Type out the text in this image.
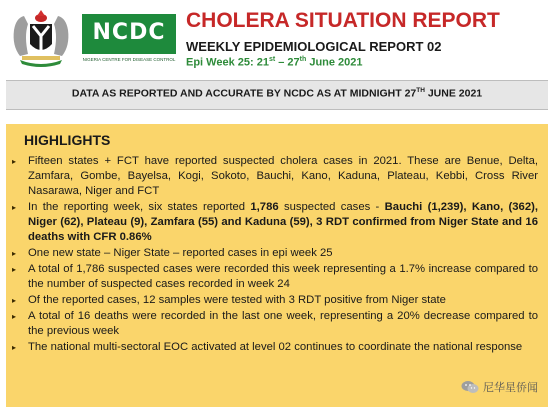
NCDC
NIGERIA CENTRE FOR DISEASE CONTROL
CHOLERA SITUATION REPORT
WEEKLY EPIDEMIOLOGICAL REPORT 02
Epi Week 25: 21st – 27th June 2021
DATA AS REPORTED AND ACCURATE BY NCDC AS AT MIDNIGHT 27TH JUNE 2021
HIGHLIGHTS
▸ Fifteen states + FCT have reported suspected cholera cases in 2021. These are Benue, Delta, Zamfara, Gombe, Bayelsa, Kogi, Sokoto, Bauchi, Kano, Kaduna, Plateau, Kebbi, Cross River Nasarawa, Niger and FCT
▸ In the reporting week, six states reported 1,786 suspected cases - Bauchi (1,239), Kano, (362), Niger (62), Plateau (9), Zamfara (55) and Kaduna (59), 3 RDT confirmed from Niger State and 16 deaths with CFR 0.86%
▸ One new state – Niger State – reported cases in epi week 25
▸ A total of 1,786 suspected cases were recorded this week representing a 1.7% increase compared to the number of suspected cases recorded in week 24
▸ Of the reported cases, 12 samples were tested with 3 RDT positive from Niger state
▸ A total of 16 deaths were recorded in the last one week, representing a 20% decrease compared to the previous week
▸ The national multi-sectoral EOC activated at level 02 continues to coordinate the national response
尼华星侨闻
